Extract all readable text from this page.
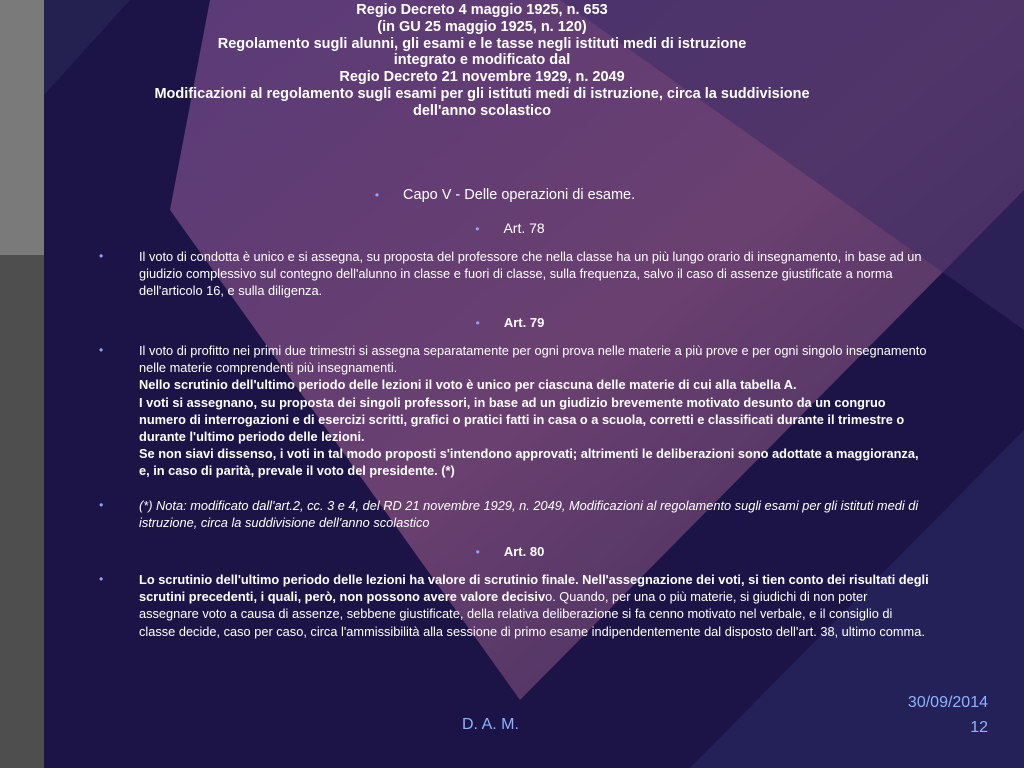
Regio Decreto 4 maggio 1925, n. 653
(in GU 25 maggio 1925, n. 120)
Regolamento sugli alunni, gli esami e le tasse negli istituti medi di istruzione
integrato e modificato dal
Regio Decreto 21 novembre 1929, n. 2049
Modificazioni al regolamento sugli esami per gli istituti medi di istruzione, circa la suddivisione
dell'anno scolastico
• Capo V - Delle operazioni di esame.
• Art. 78
•	Il voto di condotta è unico e si assegna, su proposta del professore che nella classe ha un più lungo orario di insegnamento, in base ad un giudizio complessivo sul contegno dell'alunno in classe e fuori di classe, sulla frequenza, salvo il caso di assenze giustificate a norma dell'articolo 16, e sulla diligenza.
• Art. 79
•	Il voto di profitto nei primi due trimestri si assegna separatamente per ogni prova nelle materie a più prove e per ogni singolo insegnamento nelle materie comprendenti più insegnamenti.
Nello scrutinio dell'ultimo periodo delle lezioni il voto è unico per ciascuna delle materie di cui alla tabella A.
I voti si assegnano, su proposta dei singoli professori, in base ad un giudizio brevemente motivato desunto da un congruo numero di interrogazioni e di esercizi scritti, grafici o pratici fatti in casa o a scuola, corretti e classificati durante il trimestre o durante l'ultimo periodo delle lezioni.
Se non siavi dissenso, i voti in tal modo proposti s'intendono approvati; altrimenti le deliberazioni sono adottate a maggioranza, e, in caso di parità, prevale il voto del presidente. (*)
•	(*) Nota: modificato dall'art.2, cc. 3 e 4, del RD 21 novembre 1929, n. 2049, Modificazioni al regolamento sugli esami per gli istituti medi di istruzione, circa la suddivisione dell'anno scolastico
• Art. 80
•	Lo scrutinio dell'ultimo periodo delle lezioni ha valore di scrutinio finale. Nell'assegnazione dei voti, si tien conto dei risultati degli scrutini precedenti, i quali, però, non possono avere valore decisivo. Quando, per una o più materie, si giudichi di non poter assegnare voto a causa di assenze, sebbene giustificate, della relativa deliberazione si fa cenno motivato nel verbale, e il consiglio di classe decide, caso per caso, circa l'ammissibilità alla sessione di primo esame indipendentemente dal disposto dell'art. 38, ultimo comma.
D. A. M.
30/09/2014
12
